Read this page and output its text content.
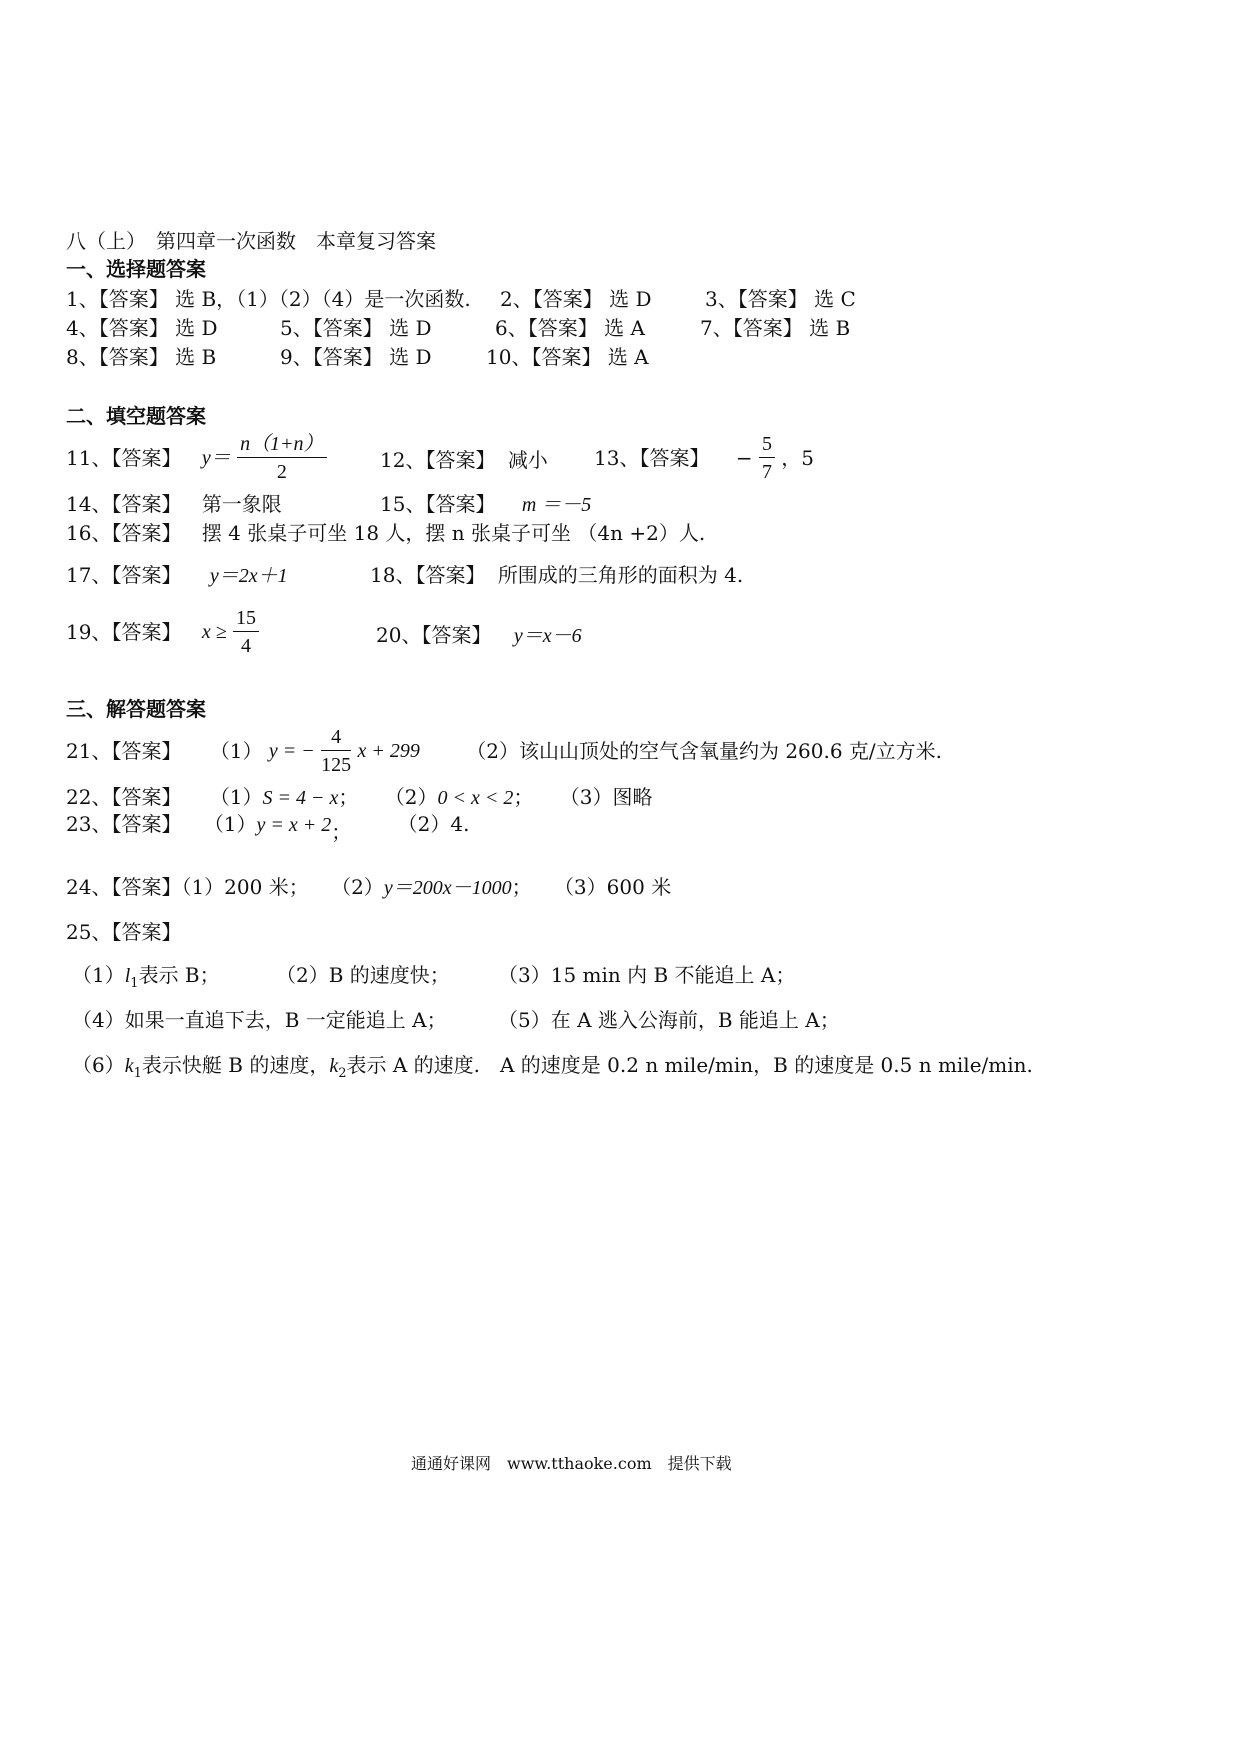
八（上）　第四章一次函数　本章复习答案
一、选择题答案
1、【答案】 选 B，（1）（2）（4）是一次函数. 2、【答案】 选 D	3、【答案】 选 C
4、【答案】 选 D	5、【答案】 选 D	6、【答案】 选 A	7、【答案】 选 B
8、【答案】 选 B	9、【答案】 选 D	10、【答案】 选 A
二、填空题答案
11、【答案】 $y= \frac{n(1+n)}{2}$	12、【答案】 减小 13、【答案】 − $\frac{5}{7}$ ，5
14、【答案】 第一象限	15、【答案】 m ＝－5
16、【答案】 摆 4 张桌子可坐 18 人，摆 n 张桌子可坐 （4n +2）人.
17、【答案】 y＝2x＋1	18、【答案】 所围成的三角形的面积为 4.
19、【答案】 $x \ge \frac{15}{4}$	20、【答案】 y＝x－6
三、解答题答案
21、【答案】 （1） y = − $\frac{4}{125}$ x + 299 （2）该山山顶处的空气含氧量约为 260.6 克/立方米.
22、【答案】 （1）S = 4 − x； （2）0 < x < 2； （3）图略
23、【答案】 （1）y = x + 2； （2）4.
24、【答案】（1）200 米； （2）y＝200x－1000； （3）600 米
25、【答案】
$(1)l_1$表示 B；	（2）B 的速度快； （3）15 min 内 B 不能追上 A；
（4）如果一直追下去，B 一定能追上 A；	（5）在 A 逃入公海前，B 能追上 A；
$(6)k_1$表示快艇 B 的速度，$k_2$表示 A 的速度. A 的速度是 0.2 n mile/min，B 的速度是 0.5 n mile/min.
通通好课网　www.tthaoke.com　提供下载
